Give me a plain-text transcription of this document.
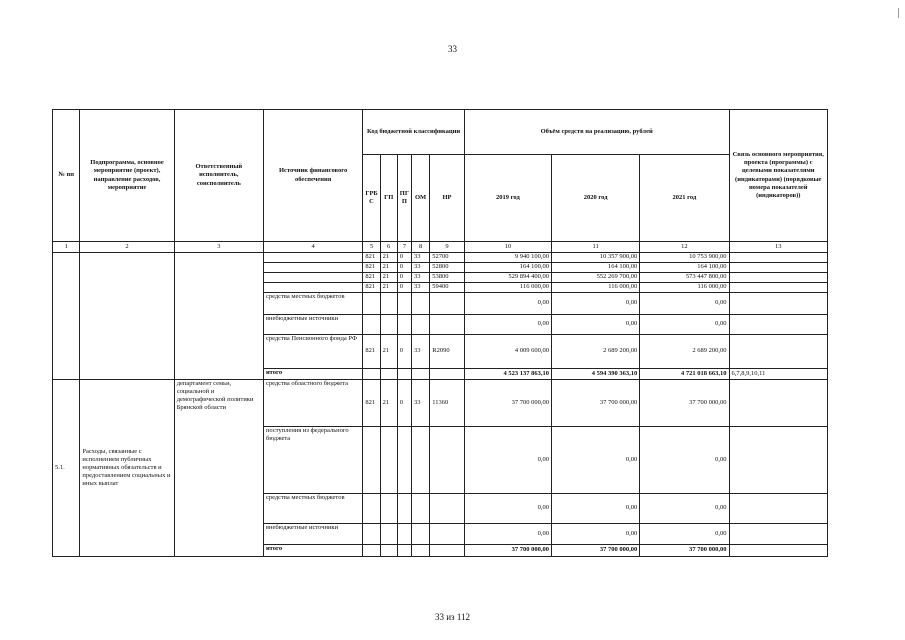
33
№ пп	Подпрограмма, основное мероприятие (проект), направление расходов, мероприятие	Ответственный исполнитель, соисполнитель	Источник финансового обеспечения	Код бюджетной классификации					Объём средств на реализацию, рублей			Связь основного мероприятия, проекта (программы) с целевыми показателями (индикаторами) (порядковые номера показателей (индикаторов))
				ГРБ С	ГП	ПГ П	ОМ	НР	2019 год	2020 год	2021 год	
1	2	3	4	5	6	7	8	9	10	11	12	13
				821	21	0	33	52700	9 940 100,00	10 357 900,00	10 753 900,00	
				821	21	0	33	52800	164 100,00	164 100,00	164 100,00	
				821	21	0	33	53800	529 894 400,00	552 269 700,00	573 447 800,00	
				821	21	0	33	59400	116 000,00	116 000,00	116 000,00	
			средства местных бюджетов						0,00	0,00	0,00	
			внебюджетные источники						0,00	0,00	0,00	
			средства Пенсионного фонда РФ	821	21	0	33	R2090	4 009 600,00	2 689 200,00	2 689 200,00	
			итого						4 523 137 863,10	4 594 390 363,10	4 721 018 663,10	6,7,8,9,10,11
5.1.	Расходы, связанные с исполнением публичных нормативных обязательств и предоставлением социальных и иных выплат	департамент семьи, социальной и демографической политики Брянской области	средства областного бюджета	821	21	0	33	11360	37 700 000,00	37 700 000,00	37 700 000,00	
			поступления из федерального бюджета						0,00	0,00	0,00	
			средства местных бюджетов						0,00	0,00	0,00	
			внебюджетные источники						0,00	0,00	0,00	
			итого						37 700 000,00	37 700 000,00	37 700 000,00	
33 из 112
